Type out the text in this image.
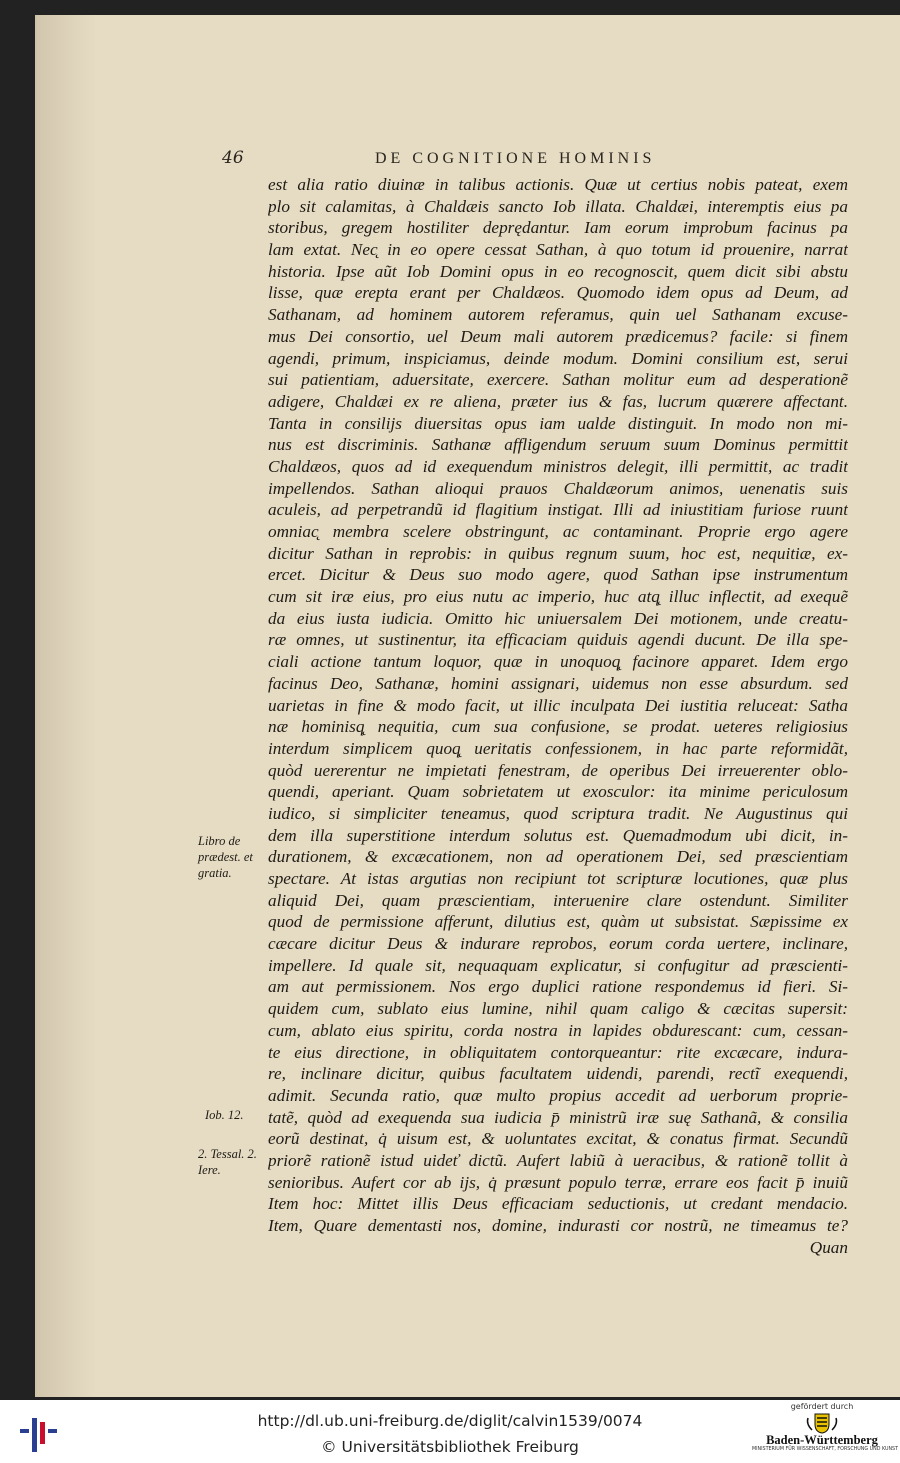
46	DE COGNITIONE HOMINIS
est alia ratio diuinæ in talibus actionis. Quæ ut certius nobis pateat, exem
plo sit calamitas, à Chaldæis sancto Iob illata. Chaldæi, interemptis eius pa
storibus, gregem hostiliter deprędantur. Iam eorum improbum facinus pa
lam extat. Nec̨ in eo opere cessat Sathan, à quo totum id prouenire, narrat
historia. Ipse aũt Iob Domini opus in eo recognoscit, quem dicit sibi abstu
lisse, quæ erepta erant per Chaldæos. Quomodo idem opus ad Deum, ad
Sathanam, ad hominem autorem referamus, quin uel Sathanam excuse-
mus Dei consortio, uel Deum mali autorem prædicemus? facile: si finem
agendi, primum, inspiciamus, deinde modum. Domini consilium est, serui
sui patientiam, aduersitate, exercere. Sathan molitur eum ad desperationẽ
adigere, Chaldæi ex re aliena, præter ius & fas, lucrum quærere affectant.
Tanta in consilijs diuersitas opus iam ualde distinguit. In modo non mi-
nus est discriminis. Sathanæ affligendum seruum suum Dominus permittit
Chaldæos, quos ad id exequendum ministros delegit, illi permittit, ac tradit
impellendos. Sathan alioqui prauos Chaldæorum animos, uenenatis suis
aculeis, ad perpetrandũ id flagitium instigat. Illi ad iniustitiam furiose ruunt
omniac̨ membra scelere obstringunt, ac contaminant. Proprie ergo agere
dicitur Sathan in reprobis: in quibus regnum suum, hoc est, nequitiæ, ex-
ercet. Dicitur & Deus suo modo agere, quod Sathan ipse instrumentum
cum sit iræ eius, pro eius nutu ac imperio, huc atq̨ illuc inflectit, ad exequẽ
da eius iusta iudicia. Omitto hic uniuersalem Dei motionem, unde creatu-
ræ omnes, ut sustinentur, ita efficaciam quiduis agendi ducunt. De illa spe-
ciali actione tantum loquor, quæ in unoquoq̨ facinore apparet. Idem ergo
facinus Deo, Sathanæ, homini assignari, uidemus non esse absurdum. sed
uarietas in fine & modo facit, ut illic inculpata Dei iustitia reluceat: Satha
næ hominisq̨ nequitia, cum sua confusione, se prodat. ueteres religiosius
interdum simplicem quoq̨ ueritatis confessionem, in hac parte reformidãt,
quòd uererentur ne impietati fenestram, de operibus Dei irreuerenter oblo-
quendi, aperiant. Quam sobrietatem ut exosculor: ita minime periculosum
iudico, si simpliciter teneamus, quod scriptura tradit. Ne Augustinus qui
dem illa superstitione interdum solutus est. Quemadmodum ubi dicit, in-
durationem, & excæcationem, non ad operationem Dei, sed præscientiam
spectare. At istas argutias non recipiunt tot scripturæ locutiones, quæ plus
aliquid Dei, quam præscientiam, interuenire clare ostendunt. Similiter
quod de permissione afferunt, dilutius est, quàm ut subsistat. Sæpissime ex
cæcare dicitur Deus & indurare reprobos, eorum corda uertere, inclinare,
impellere. Id quale sit, nequaquam explicatur, si confugitur ad præscienti-
am aut permissionem. Nos ergo duplici ratione respondemus id fieri. Si-
quidem cum, sublato eius lumine, nihil quam caligo & cæcitas supersit:
cum, ablato eius spiritu, corda nostra in lapides obdurescant: cum, cessan-
te eius directione, in obliquitatem contorqueantur: rite excæcare, indura-
re, inclinare dicitur, quibus facultatem uidendi, parendi, rectĩ exequendi,
adimit. Secunda ratio, quæ multo propius accedit ad uerborum proprie-
tatẽ, quòd ad exequenda sua iudicia p̄ ministrũ iræ suę Sathanã, & consilia
eorũ destinat, q̇ uisum est, & uoluntates excitat, & conatus firmat. Secundũ
priorẽ rationẽ istud uideť dictũ. Aufert labiũ à ueracibus, & rationẽ tollit à
senioribus. Aufert cor ab ijs, q̇ præsunt populo terræ, errare eos facit p̄ inuiũ
Item hoc: Mittet illis Deus efficaciam seductionis, ut credant mendacio.
Item, Quare dementasti nos, domine, indurasti cor nostrũ, ne timeamus te?
Quan
Libro de
prædest. et
gratia.
Iob. 12.
2. Tessal. 2.
Iere.
http://dl.ub.uni-freiburg.de/diglit/calvin1539/0074
© Universitätsbibliothek Freiburg
gefördert durch
Baden-Württemberg
MINISTERIUM FÜR WISSENSCHAFT, FORSCHUNG UND KUNST
